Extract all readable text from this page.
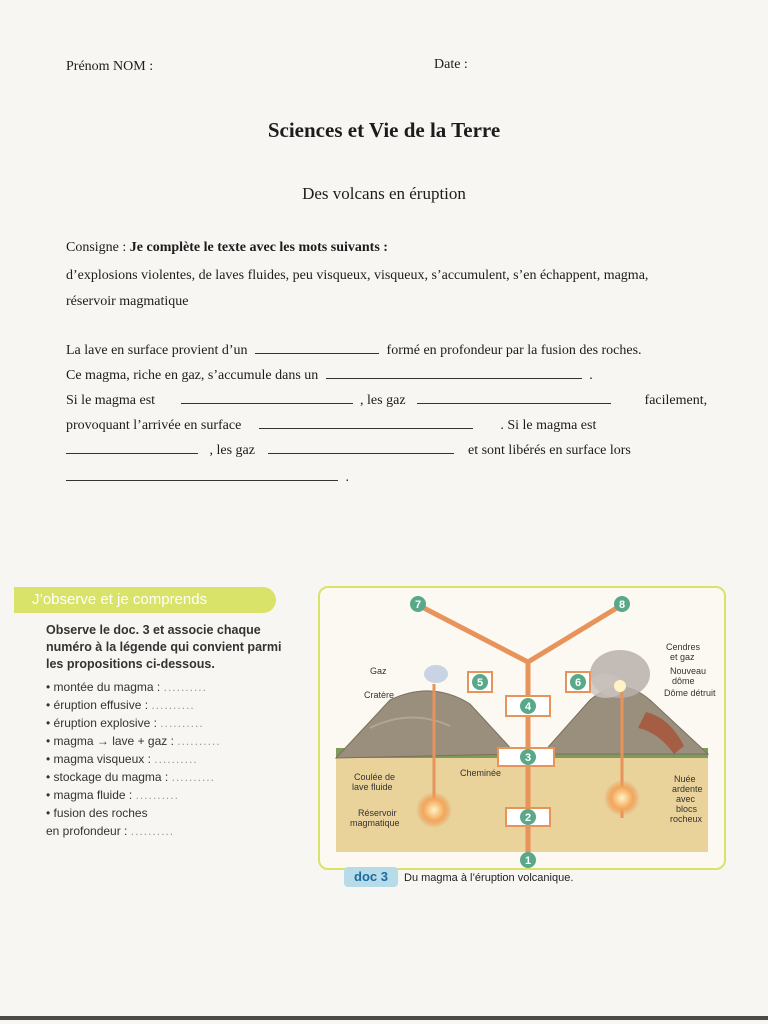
Prénom NOM :	Date :
Sciences et Vie de la Terre
Des volcans en éruption
Consigne : Je complète le texte avec les mots suivants :
d’explosions violentes, de laves fluides, peu visqueux, visqueux, s’accumulent, s’en échappent, magma, réservoir magmatique
La lave en surface provient d’un	formé en profondeur par la fusion des roches.
Ce magma, riche en gaz, s’accumule dans un	.
Si le magma est	, les gaz	facilement,
provoquant l’arrivée en surface	. Si le magma est
, les gaz	et sont libérés en surface lors
.
J’observe et je comprends
Observe le doc. 3 et associe chaque numéro à la légende qui convient parmi les propositions ci-dessous.
• montée du magma : ..........
• éruption effusive : ..........
• éruption explosive : ..........
• magma → lave + gaz : ..........
• magma visqueux : ..........
• stockage du magma : ..........
• magma fluide : ..........
• fusion des roches
en profondeur : ..........
1
2
3
4
5	6
7	8
Gaz
Cratère
Coulée de
lave fluide
Cheminée
Réservoir
magmatique
Cendres
et gaz
Nouveau
dôme
Dôme détruit
Nuée
ardente
avec
blocs
rocheux
doc 3	Du magma à l’éruption volcanique.
